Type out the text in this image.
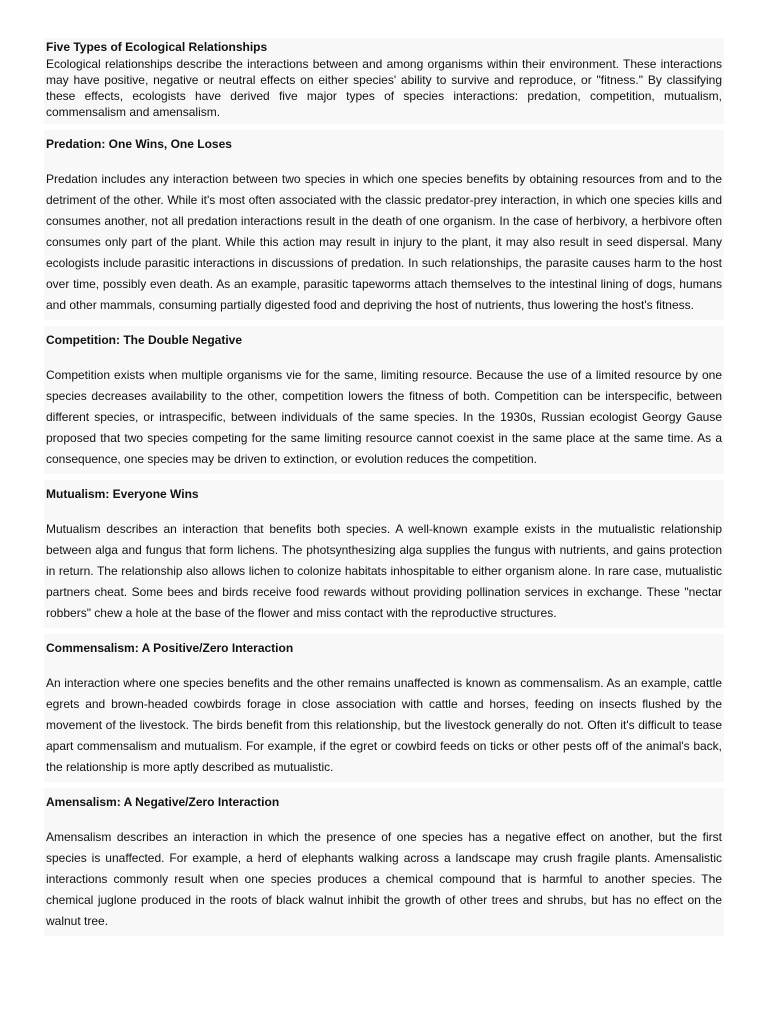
Five Types of Ecological Relationships

Ecological relationships describe the interactions between and among organisms within their environment. These interactions may have positive, negative or neutral effects on either species' ability to survive and reproduce, or "fitness." By classifying these effects, ecologists have derived five major types of species interactions: predation, competition, mutualism, commensalism and amensalism.

Predation: One Wins, One Loses

Predation includes any interaction between two species in which one species benefits by obtaining resources from and to the detriment of the other. While it's most often associated with the classic predator-prey interaction, in which one species kills and consumes another, not all predation interactions result in the death of one organism. In the case of herbivory, a herbivore often consumes only part of the plant. While this action may result in injury to the plant, it may also result in seed dispersal. Many ecologists include parasitic interactions in discussions of predation. In such relationships, the parasite causes harm to the host over time, possibly even death. As an example, parasitic tapeworms attach themselves to the intestinal lining of dogs, humans and other mammals, consuming partially digested food and depriving the host of nutrients, thus lowering the host's fitness.

Competition: The Double Negative

Competition exists when multiple organisms vie for the same, limiting resource. Because the use of a limited resource by one species decreases availability to the other, competition lowers the fitness of both. Competition can be interspecific, between different species, or intraspecific, between individuals of the same species. In the 1930s, Russian ecologist Georgy Gause proposed that two species competing for the same limiting resource cannot coexist in the same place at the same time. As a consequence, one species may be driven to extinction, or evolution reduces the competition.

Mutualism: Everyone Wins

Mutualism describes an interaction that benefits both species. A well-known example exists in the mutualistic relationship between alga and fungus that form lichens. The photsynthesizing alga supplies the fungus with nutrients, and gains protection in return. The relationship also allows lichen to colonize habitats inhospitable to either organism alone. In rare case, mutualistic partners cheat. Some bees and birds receive food rewards without providing pollination services in exchange. These "nectar robbers" chew a hole at the base of the flower and miss contact with the reproductive structures.

Commensalism: A Positive/Zero Interaction

An interaction where one species benefits and the other remains unaffected is known as commensalism. As an example, cattle egrets and brown-headed cowbirds forage in close association with cattle and horses, feeding on insects flushed by the movement of the livestock. The birds benefit from this relationship, but the livestock generally do not. Often it's difficult to tease apart commensalism and mutualism. For example, if the egret or cowbird feeds on ticks or other pests off of the animal's back, the relationship is more aptly described as mutualistic.

Amensalism: A Negative/Zero Interaction

Amensalism describes an interaction in which the presence of one species has a negative effect on another, but the first species is unaffected. For example, a herd of elephants walking across a landscape may crush fragile plants. Amensalistic interactions commonly result when one species produces a chemical compound that is harmful to another species. The chemical juglone produced in the roots of black walnut inhibit the growth of other trees and shrubs, but has no effect on the walnut tree.
